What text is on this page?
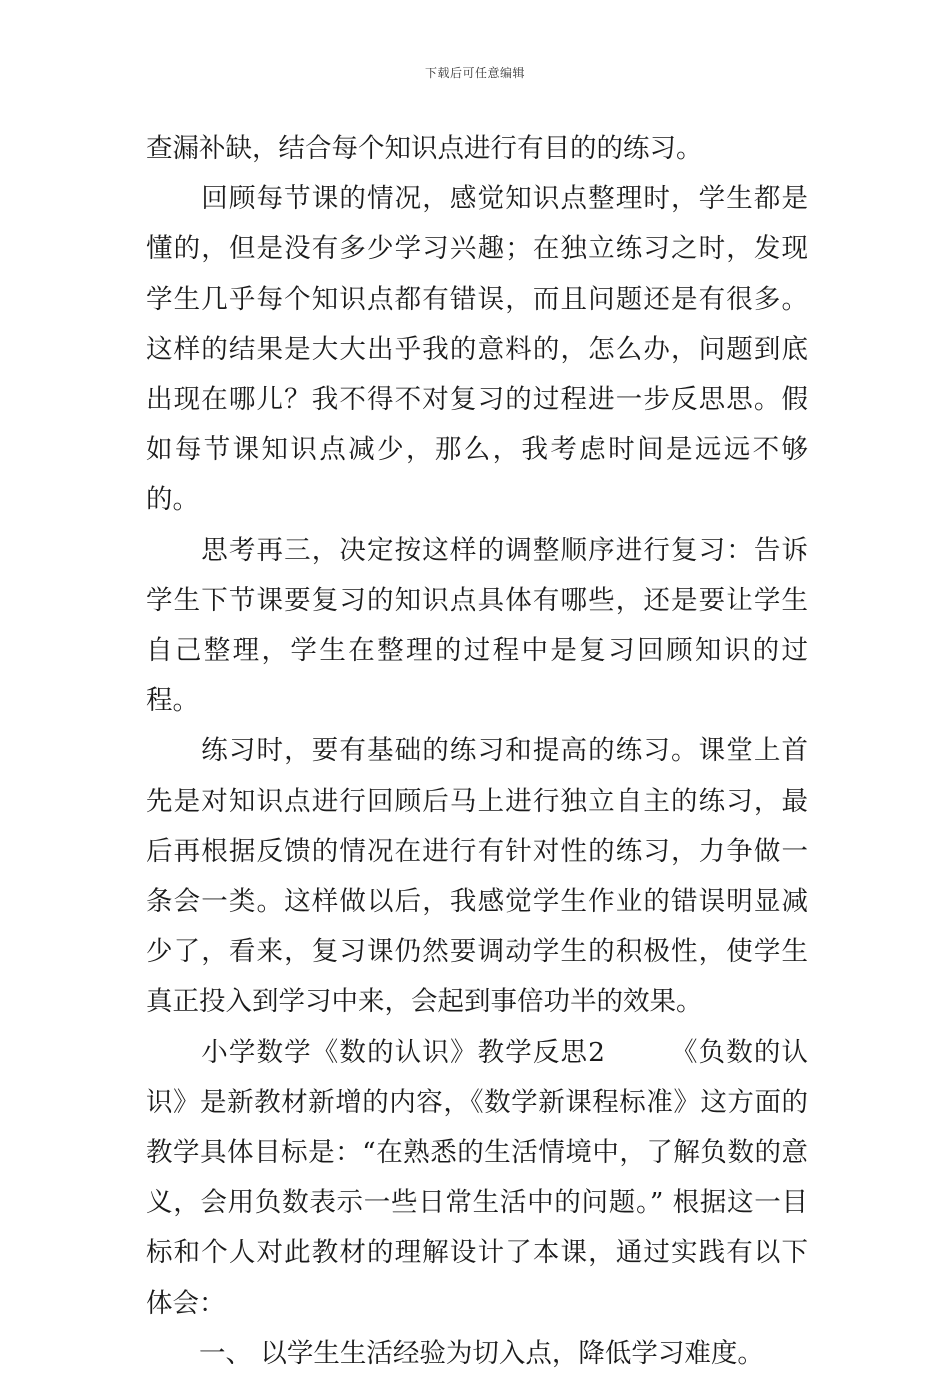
下载后可任意编辑

查漏补缺，结合每个知识点进行有目的的练习。

　　回顾每节课的情况，感觉知识点整理时，学生都是懂的，但是没有多少学习兴趣；在独立练习之时，发现学生几乎每个知识点都有错误，而且问题还是有很多。这样的结果是大大出乎我的意料的，怎么办，问题到底出现在哪儿？我不得不对复习的过程进一步反思思。假如每节课知识点减少，那么，我考虑时间是远远不够的。

　　思考再三，决定按这样的调整顺序进行复习：告诉学生下节课要复习的知识点具体有哪些，还是要让学生自己整理，学生在整理的过程中是复习回顾知识的过程。

　　练习时，要有基础的练习和提高的练习。课堂上首先是对知识点进行回顾后马上进行独立自主的练习，最后再根据反馈的情况在进行有针对性的练习，力争做一条会一类。这样做以后，我感觉学生作业的错误明显减少了，看来，复习课仍然要调动学生的积极性，使学生真正投入到学习中来，会起到事倍功半的效果。

　　小学数学《数的认识》教学反思2　　 《负数的认识》是新教材新增的内容，《数学新课程标准》这方面的教学具体目标是：“在熟悉的生活情境中，了解负数的意义，会用负数表示一些日常生活中的问题。” 根据这一目标和个人对此教材的理解设计了本课，通过实践有以下体会：

　　一、 以学生生活经验为切入点，降低学习难度。
